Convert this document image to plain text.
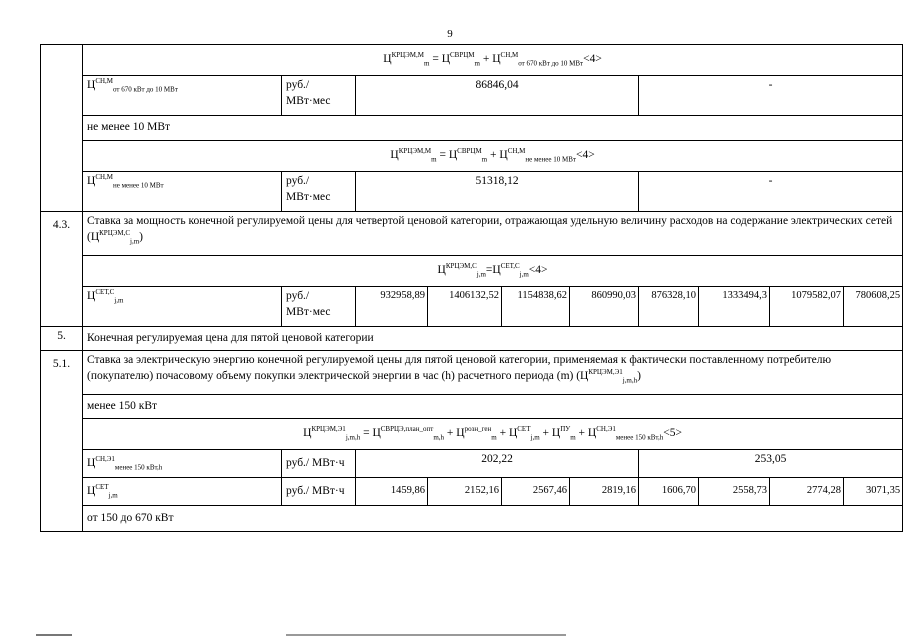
9
	$Ц^{КРЦЭМ,М}_m = Ц^{СВРЦМ}_m + Ц^{СН,М}_{от 670 кВт до 10 МВт}<4>$									
	$Ц^{СН,М}_{от 670 кВт до 10 МВт}$	руб./
МВт·мес	86846,04				-			
	не менее 10 МВт									
	$Ц^{КРЦЭМ,М}_m = Ц^{СВРЦМ}_m + Ц^{СН,М}_{не менее 10 МВт}<4>$									
	$Ц^{СН,М}_{не менее 10 МВт}$	руб./
МВт·мес	51318,12				-			
4.3.	Ставка за мощность конечной регулируемой цены для четвертой ценовой категории, отражающая удельную величину расходов на содержание электрических сетей $(Ц^{КРЦЭМ,С}_{j,m})$									
	$Ц^{КРЦЭМ,С}_{j,m}=Ц^{СЕТ,С}_{j,m}<4>$									
	$Ц^{СЕТ,С}_{j,m}$	руб./
МВт·мес	932958,89	1406132,52	1154838,62	860990,03	876328,10	1333494,3	1079582,07	780608,25
5.	Конечная регулируемая цена для пятой ценовой категории									
5.1.	Ставка за электрическую энергию конечной регулируемой цены для пятой ценовой категории, применяемая к фактически поставленному потребителю (покупателю) почасовому объему покупки электрической энергии в час (h) расчетного периода (m) $(Ц^{КРЦЭМ,Э1}_{j,m,h})$									
	менее 150 кВт									
	$Ц^{КРЦЭМ,Э1}_{j,m,h} = Ц^{СВРЦЭ,план\_опт}_{m,h} + Ц^{розн\_ген}_m + Ц^{СЕТ}_{j,m} + Ц^{ПУ}_m + Ц^{СН,Э1}_{менее 150 кВт,h}<5>$									
	$Ц^{СН,Э1}_{менее 150 кВт,h}$	руб./ МВт·ч	202,22				253,05			
	$Ц^{СЕТ}_{j,m}$	руб./ МВт·ч	1459,86	2152,16	2567,46	2819,16	1606,70	2558,73	2774,28	3071,35
	от 150 до 670 кВт									
